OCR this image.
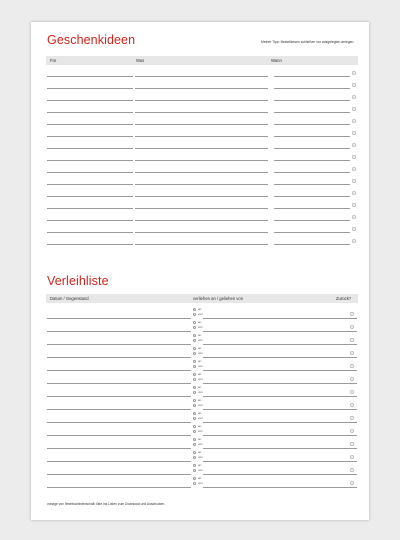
Geschenkideen	Meiner Tipp: Bestellsesen schließen vor ausgelegten anlegen.
Für	Was	Wann
Verleihliste
Datum / Gegenstand	verliehen an / geliehen von	Zurück?
an
von
an
von
an
von
an
von
an
von
an
von
an
von
an
von
an
von
an
von
an
von
an
von
an
von
an
von
vorlage von fimerbachinterschalt: liste ins Listen zum Download und Ausdrucken.
